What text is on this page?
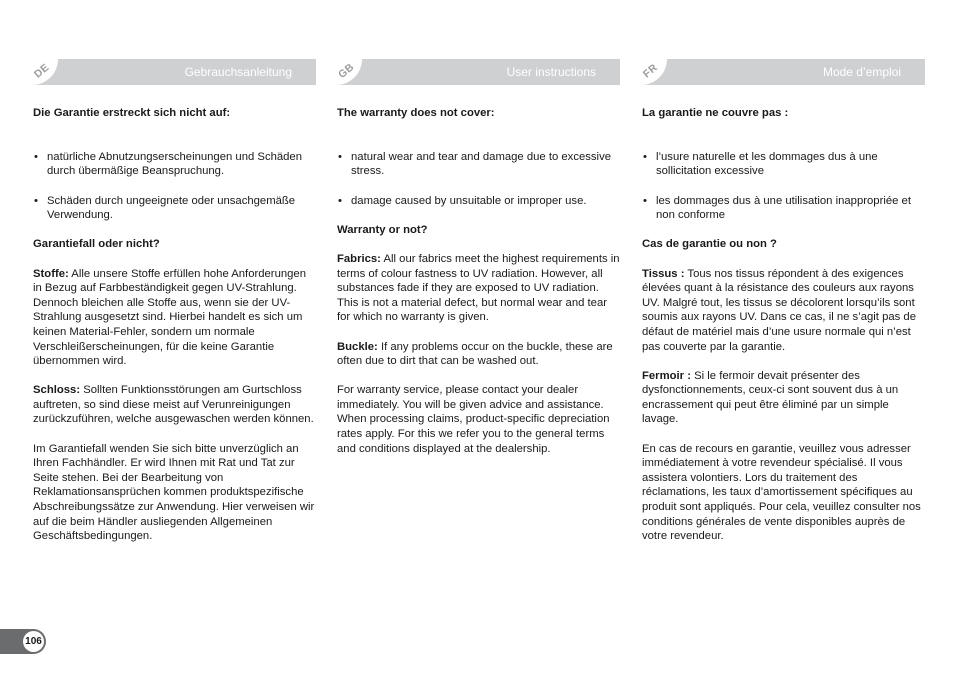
DE	Gebrauchsanleitung

Die Garantie erstreckt sich nicht auf:

• natürliche Abnutzungserscheinungen und Schäden durch übermäßige Beanspruchung.

• Schäden durch ungeeignete oder unsachgemäße Verwendung.

Garantiefall oder nicht?

Stoffe: Alle unsere Stoffe erfüllen hohe Anforderungen in Bezug auf Farbbeständigkeit gegen UV-Strahlung. Dennoch bleichen alle Stoffe aus, wenn sie der UV-Strahlung ausgesetzt sind. Hierbei handelt es sich um keinen Material-Fehler, sondern um normale Verschleißerscheinungen, für die keine Garantie übernommen wird.

Schloss: Sollten Funktionsstörungen am Gurtschloss auftreten, so sind diese meist auf Verunreinigungen zurückzuführen, welche ausgewaschen werden können.

Im Garantiefall wenden Sie sich bitte unverzüglich an Ihren Fachhändler. Er wird Ihnen mit Rat und Tat zur Seite stehen. Bei der Bearbeitung von Reklamationsansprüchen kommen produktspezifische Abschreibungssätze zur Anwendung. Hier verweisen wir auf die beim Händler ausliegenden Allgemeinen Geschäftsbedingungen.

GB	User instructions

The warranty does not cover:

• natural wear and tear and damage due to excessive stress.

• damage caused by unsuitable or improper use.

Warranty or not?

Fabrics: All our fabrics meet the highest requirements in terms of colour fastness to UV radiation. However, all substances fade if they are exposed to UV radiation. This is not a material defect, but normal wear and tear for which no warranty is given.

Buckle: If any problems occur on the buckle, these are often due to dirt that can be washed out.

For warranty service, please contact your dealer immediately. You will be given advice and assistance. When processing claims, product-specific depreciation rates apply. For this we refer you to the general terms and conditions displayed at the dealership.

FR	Mode d’emploi

La garantie ne couvre pas :

• l’usure naturelle et les dommages dus à une sollicitation excessive

• les dommages dus à une utilisation inappropriée et non conforme

Cas de garantie ou non ?

Tissus : Tous nos tissus répondent à des exigences élevées quant à la résistance des couleurs aux rayons UV. Malgré tout, les tissus se décolorent lorsqu’ils sont soumis aux rayons UV. Dans ce cas, il ne s’agit pas de défaut de matériel mais d’une usure normale qui n’est pas couverte par la garantie.

Fermoir : Si le fermoir devait présenter des dysfonctionnements, ceux-ci sont souvent dus à un encrassement qui peut être éliminé par un simple lavage.

En cas de recours en garantie, veuillez vous adresser immédiatement à votre revendeur spécialisé. Il vous assistera volontiers. Lors du traitement des réclamations, les taux d’amortissement spécifiques au produit sont appliqués. Pour cela, veuillez consulter nos conditions générales de vente disponibles auprès de votre revendeur.

106
